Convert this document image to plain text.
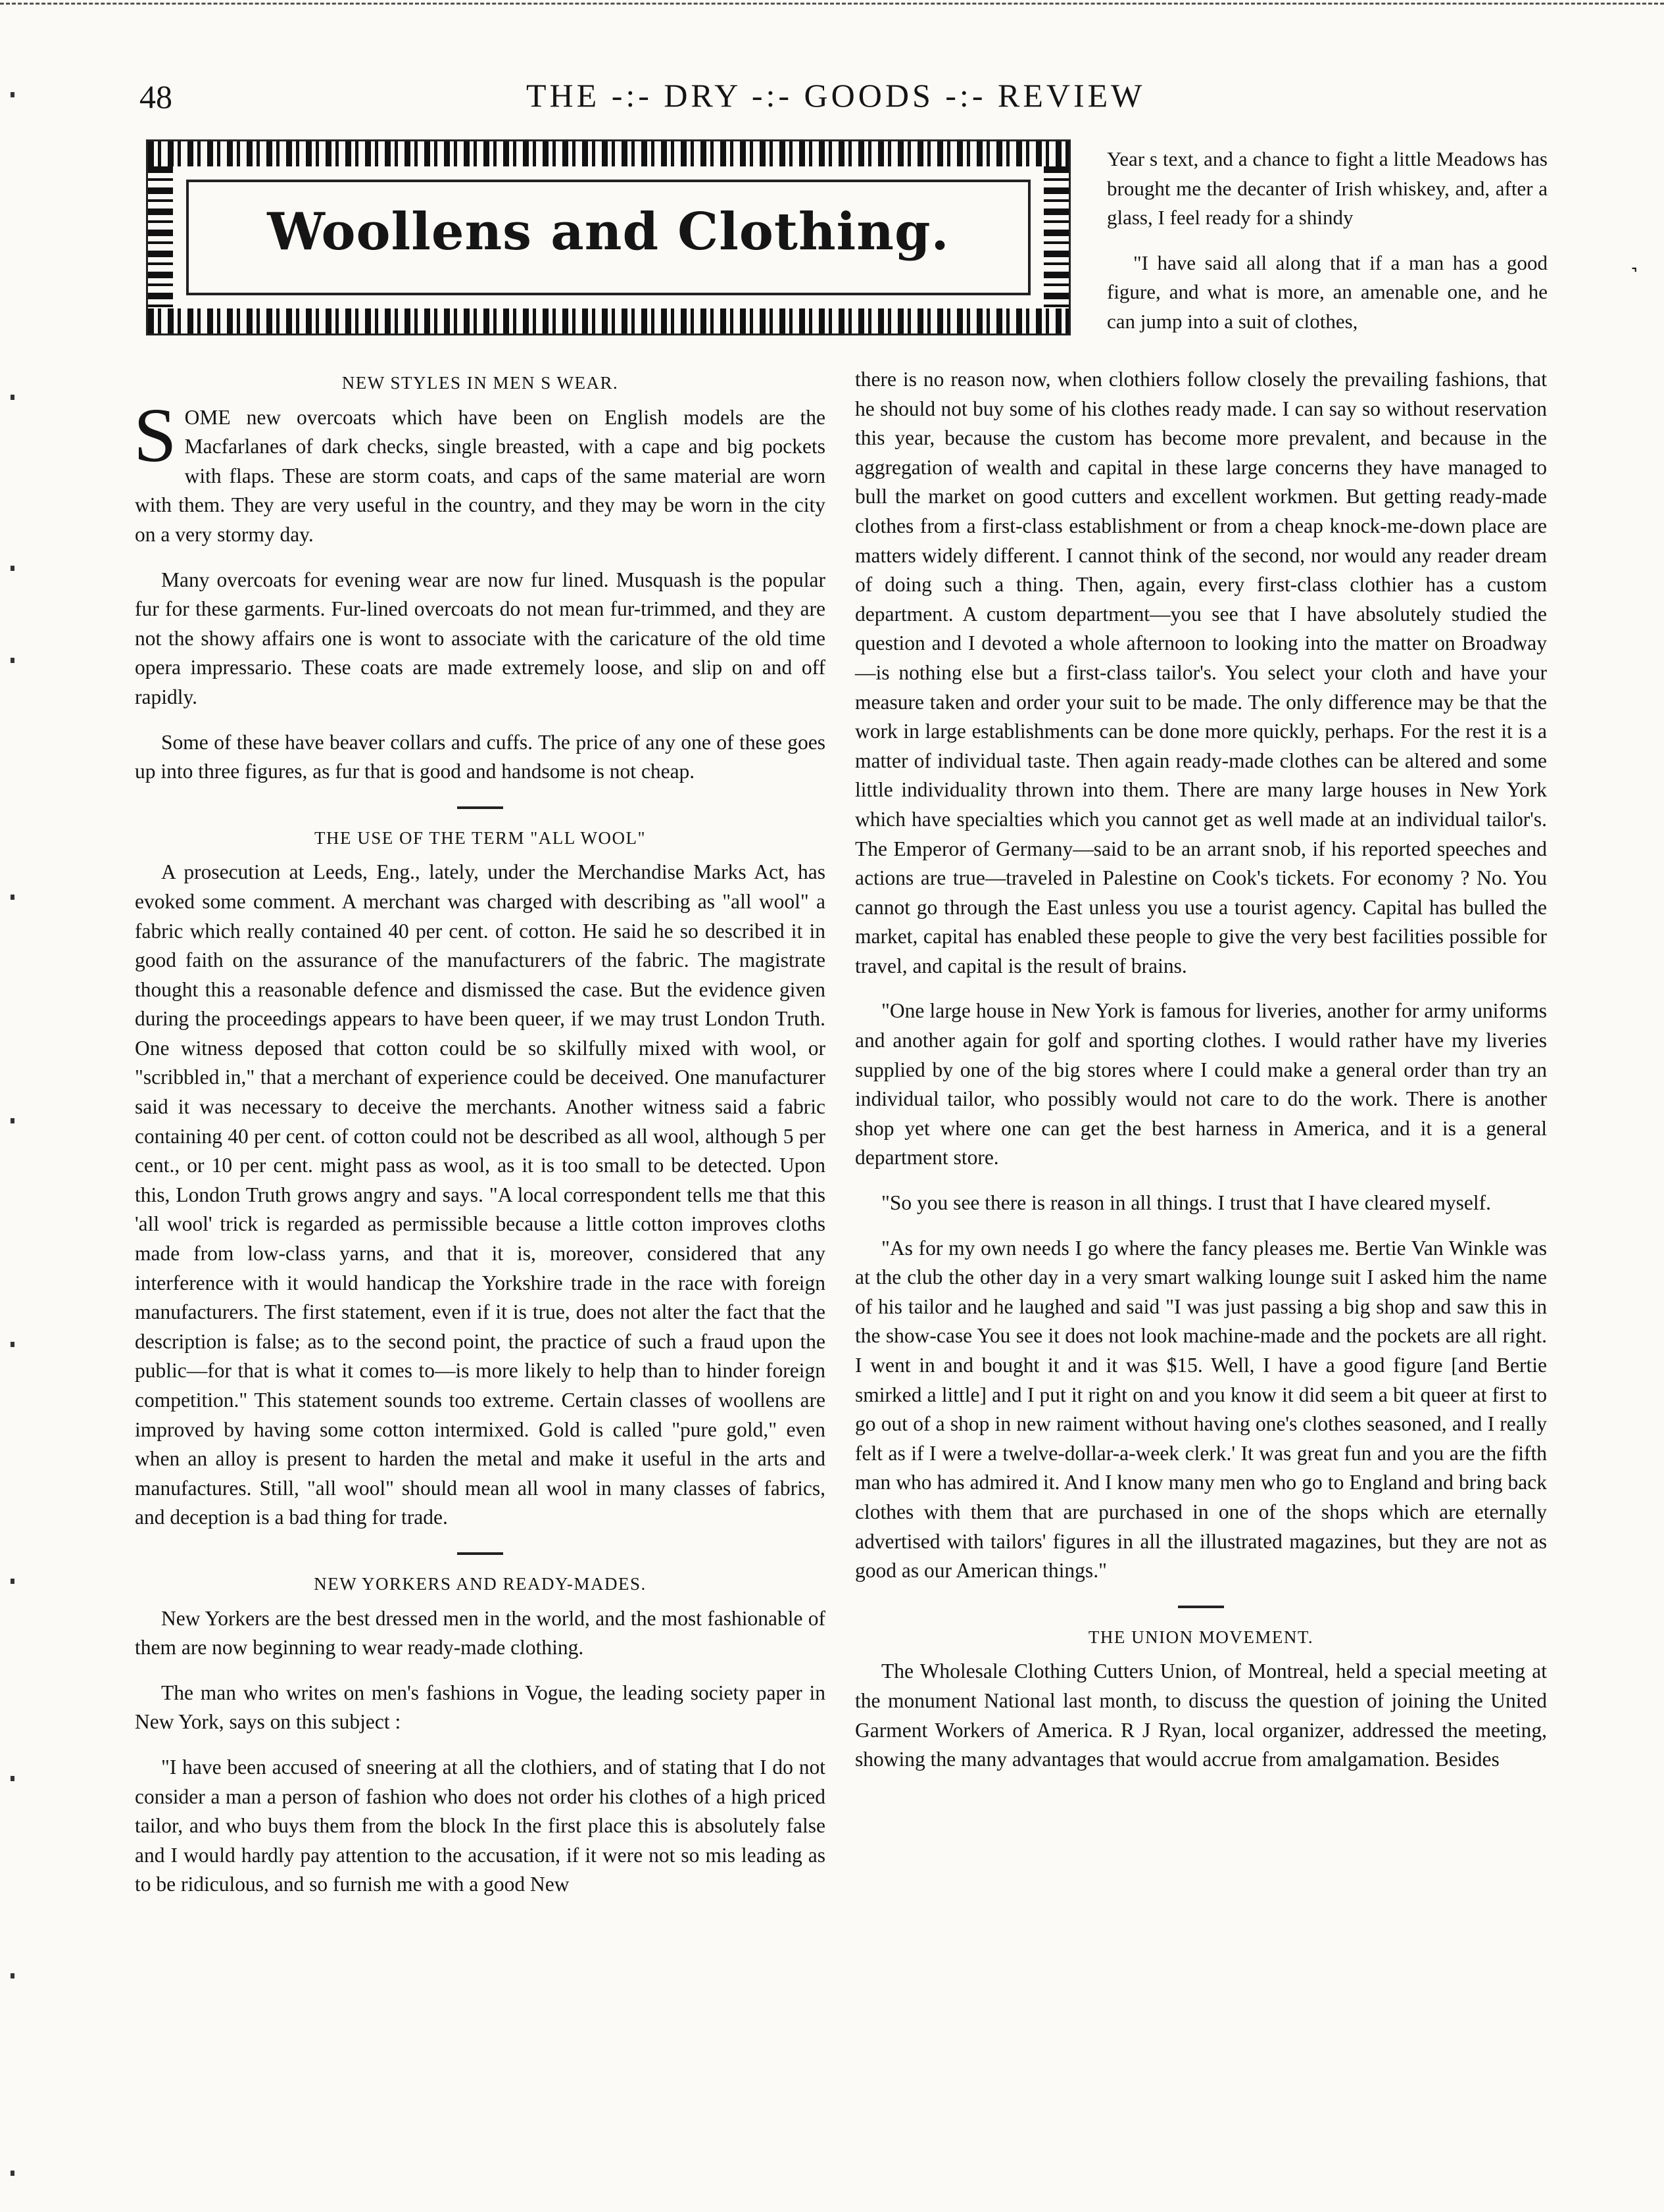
˺
48	THE -:- DRY -:- GOODS -:- REVIEW
Woollens and Clothing.

Year s text, and a chance to fight a little Meadows has brought me the decanter of Irish whiskey, and, after a glass, I feel ready for a shindy

"I have said all along that if a man has a good figure, and what is more, an amenable one, and he can jump into a suit of clothes,

NEW STYLES IN MEN S WEAR.

SOME new overcoats which have been on English models are the Macfarlanes of dark checks, single breasted, with a cape and big pockets with flaps. These are storm coats, and caps of the same material are worn with them. They are very useful in the country, and they may be worn in the city on a very stormy day.

Many overcoats for evening wear are now fur lined. Musquash is the popular fur for these garments. Fur-lined overcoats do not mean fur-trimmed, and they are not the showy affairs one is wont to associate with the caricature of the old time opera impressario. These coats are made extremely loose, and slip on and off rapidly.

Some of these have beaver collars and cuffs. The price of any one of these goes up into three figures, as fur that is good and handsome is not cheap.

THE USE OF THE TERM "ALL WOOL"

A prosecution at Leeds, Eng., lately, under the Merchandise Marks Act, has evoked some comment. A merchant was charged with describing as "all wool" a fabric which really contained 40 per cent. of cotton. He said he so described it in good faith on the assurance of the manufacturers of the fabric. The magistrate thought this a reasonable defence and dismissed the case. But the evidence given during the proceedings appears to have been queer, if we may trust London Truth. One witness deposed that cotton could be so skilfully mixed with wool, or "scribbled in," that a merchant of experience could be deceived. One manufacturer said it was necessary to deceive the merchants. Another witness said a fabric containing 40 per cent. of cotton could not be described as all wool, although 5 per cent., or 10 per cent. might pass as wool, as it is too small to be detected. Upon this, London Truth grows angry and says. "A local correspondent tells me that this 'all wool' trick is regarded as permissible because a little cotton improves cloths made from low-class yarns, and that it is, moreover, considered that any interference with it would handicap the Yorkshire trade in the race with foreign manufacturers. The first statement, even if it is true, does not alter the fact that the description is false; as to the second point, the practice of such a fraud upon the public—for that is what it comes to—is more likely to help than to hinder foreign competition." This statement sounds too extreme. Certain classes of woollens are improved by having some cotton intermixed. Gold is called "pure gold," even when an alloy is present to harden the metal and make it useful in the arts and manufactures. Still, "all wool" should mean all wool in many classes of fabrics, and deception is a bad thing for trade.

NEW YORKERS AND READY-MADES.

New Yorkers are the best dressed men in the world, and the most fashionable of them are now beginning to wear ready-made clothing.

The man who writes on men's fashions in Vogue, the leading society paper in New York, says on this subject :

"I have been accused of sneering at all the clothiers, and of stating that I do not consider a man a person of fashion who does not order his clothes of a high priced tailor, and who buys them from the block In the first place this is absolutely false and I would hardly pay attention to the accusation, if it were not so mis leading as to be ridiculous, and so furnish me with a good New

there is no reason now, when clothiers follow closely the prevailing fashions, that he should not buy some of his clothes ready made. I can say so without reservation this year, because the custom has become more prevalent, and because in the aggregation of wealth and capital in these large concerns they have managed to bull the market on good cutters and excellent workmen. But getting ready-made clothes from a first-class establishment or from a cheap knock-me-down place are matters widely different. I cannot think of the second, nor would any reader dream of doing such a thing. Then, again, every first-class clothier has a custom department. A custom department—you see that I have absolutely studied the question and I devoted a whole afternoon to looking into the matter on Broadway—is nothing else but a first-class tailor's. You select your cloth and have your measure taken and order your suit to be made. The only difference may be that the work in large establishments can be done more quickly, perhaps. For the rest it is a matter of individual taste. Then again ready-made clothes can be altered and some little individuality thrown into them. There are many large houses in New York which have specialties which you cannot get as well made at an individual tailor's. The Emperor of Germany—said to be an arrant snob, if his reported speeches and actions are true—traveled in Palestine on Cook's tickets. For economy ? No. You cannot go through the East unless you use a tourist agency. Capital has bulled the market, capital has enabled these people to give the very best facilities possible for travel, and capital is the result of brains.

"One large house in New York is famous for liveries, another for army uniforms and another again for golf and sporting clothes. I would rather have my liveries supplied by one of the big stores where I could make a general order than try an individual tailor, who possibly would not care to do the work. There is another shop yet where one can get the best harness in America, and it is a general department store.

"So you see there is reason in all things. I trust that I have cleared myself.

"As for my own needs I go where the fancy pleases me. Bertie Van Winkle was at the club the other day in a very smart walking lounge suit I asked him the name of his tailor and he laughed and said "I was just passing a big shop and saw this in the show-case You see it does not look machine-made and the pockets are all right. I went in and bought it and it was $15. Well, I have a good figure [and Bertie smirked a little] and I put it right on and you know it did seem a bit queer at first to go out of a shop in new raiment without having one's clothes seasoned, and I really felt as if I were a twelve-dollar-a-week clerk.' It was great fun and you are the fifth man who has admired it. And I know many men who go to England and bring back clothes with them that are purchased in one of the shops which are eternally advertised with tailors' figures in all the illustrated magazines, but they are not as good as our American things."

THE UNION MOVEMENT.

The Wholesale Clothing Cutters Union, of Montreal, held a special meeting at the monument National last month, to discuss the question of joining the United Garment Workers of America. R J Ryan, local organizer, addressed the meeting, showing the many advantages that would accrue from amalgamation. Besides
